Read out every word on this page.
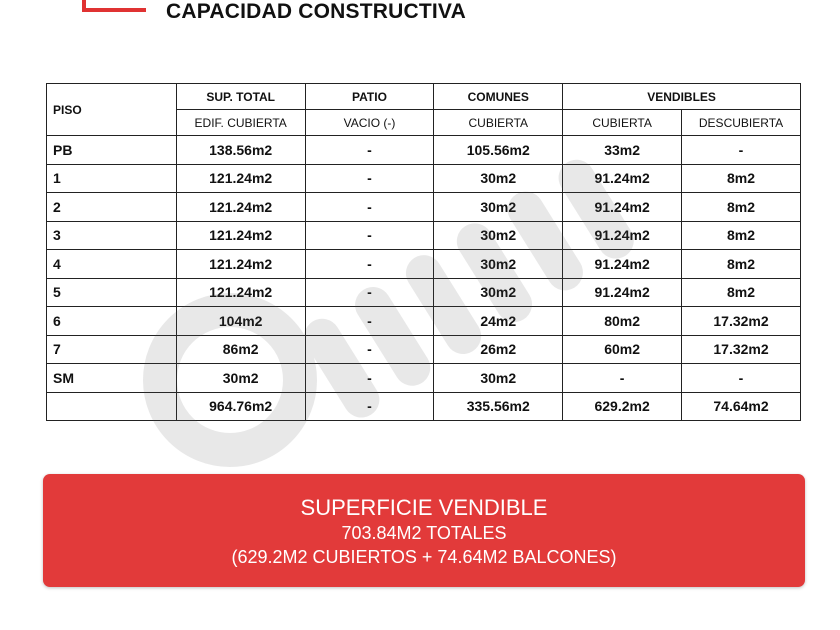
CAPACIDAD CONSTRUCTIVA
PISO	SUP. TOTAL	PATIO	COMUNES	VENDIBLES	
	EDIF. CUBIERTA	VACIO (-)	CUBIERTA	CUBIERTA	DESCUBIERTA
PB	138.56m2	-	105.56m2	33m2	-
1	121.24m2	-	30m2	91.24m2	8m2
2	121.24m2	-	30m2	91.24m2	8m2
3	121.24m2	-	30m2	91.24m2	8m2
4	121.24m2	-	30m2	91.24m2	8m2
5	121.24m2	-	30m2	91.24m2	8m2
6	104m2	-	24m2	80m2	17.32m2
7	86m2	-	26m2	60m2	17.32m2
SM	30m2	-	30m2	-	-
	964.76m2	-	335.56m2	629.2m2	74.64m2
SUPERFICIE VENDIBLE
703.84M2 TOTALES
(629.2M2 CUBIERTOS + 74.64M2 BALCONES)
